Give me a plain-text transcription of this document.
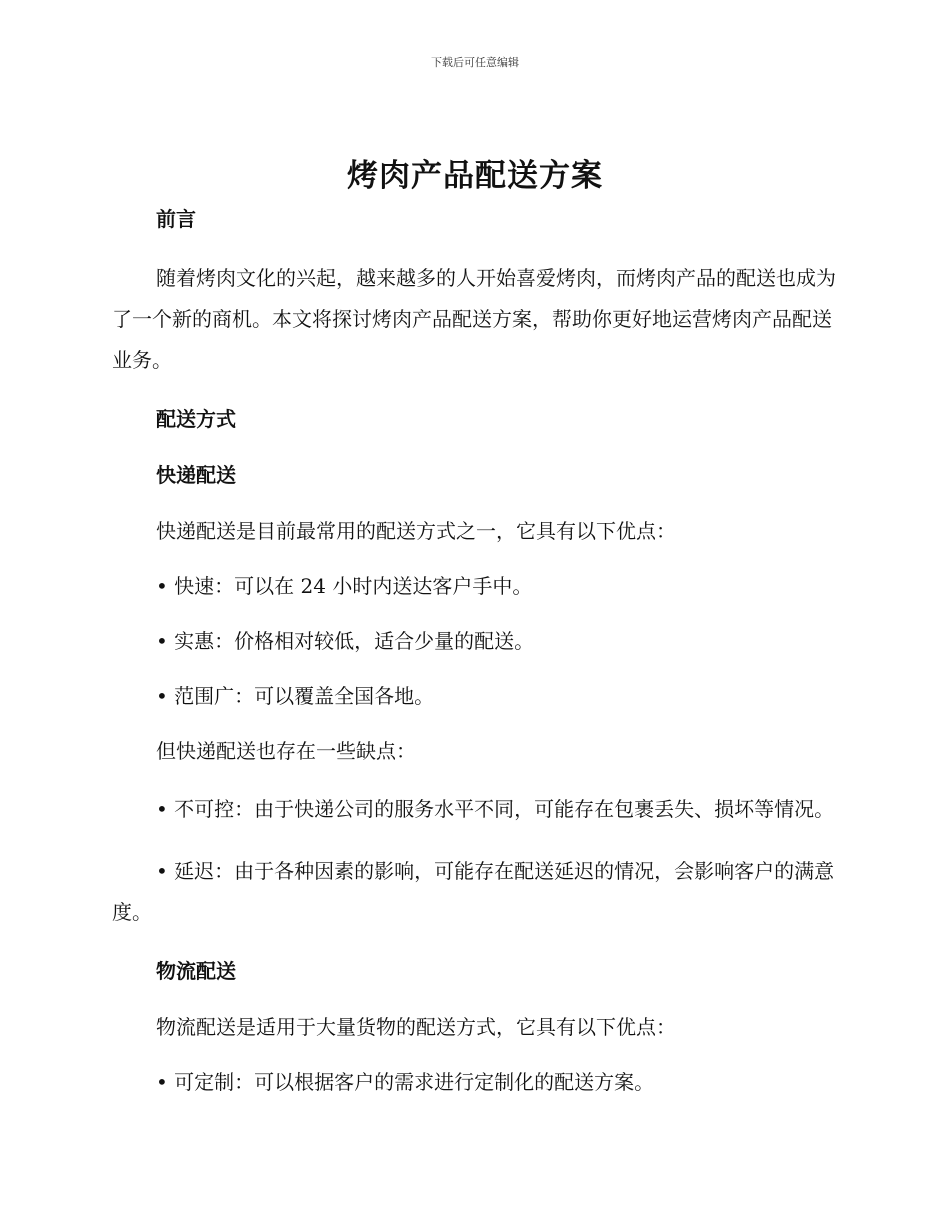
下载后可任意编辑
烤肉产品配送方案
前言

随着烤肉文化的兴起，越来越多的人开始喜爱烤肉，而烤肉产品的配送也成为了一个新的商机。本文将探讨烤肉产品配送方案，帮助你更好地运营烤肉产品配送业务。

配送方式
快递配送

快递配送是目前最常用的配送方式之一，它具有以下优点：

• 快速：可以在 24 小时内送达客户手中。

• 实惠：价格相对较低，适合少量的配送。

• 范围广：可以覆盖全国各地。

但快递配送也存在一些缺点：

• 不可控：由于快递公司的服务水平不同，可能存在包裹丢失、损坏等情况。

• 延迟：由于各种因素的影响，可能存在配送延迟的情况，会影响客户的满意度。

物流配送

物流配送是适用于大量货物的配送方式，它具有以下优点：

• 可定制：可以根据客户的需求进行定制化的配送方案。
